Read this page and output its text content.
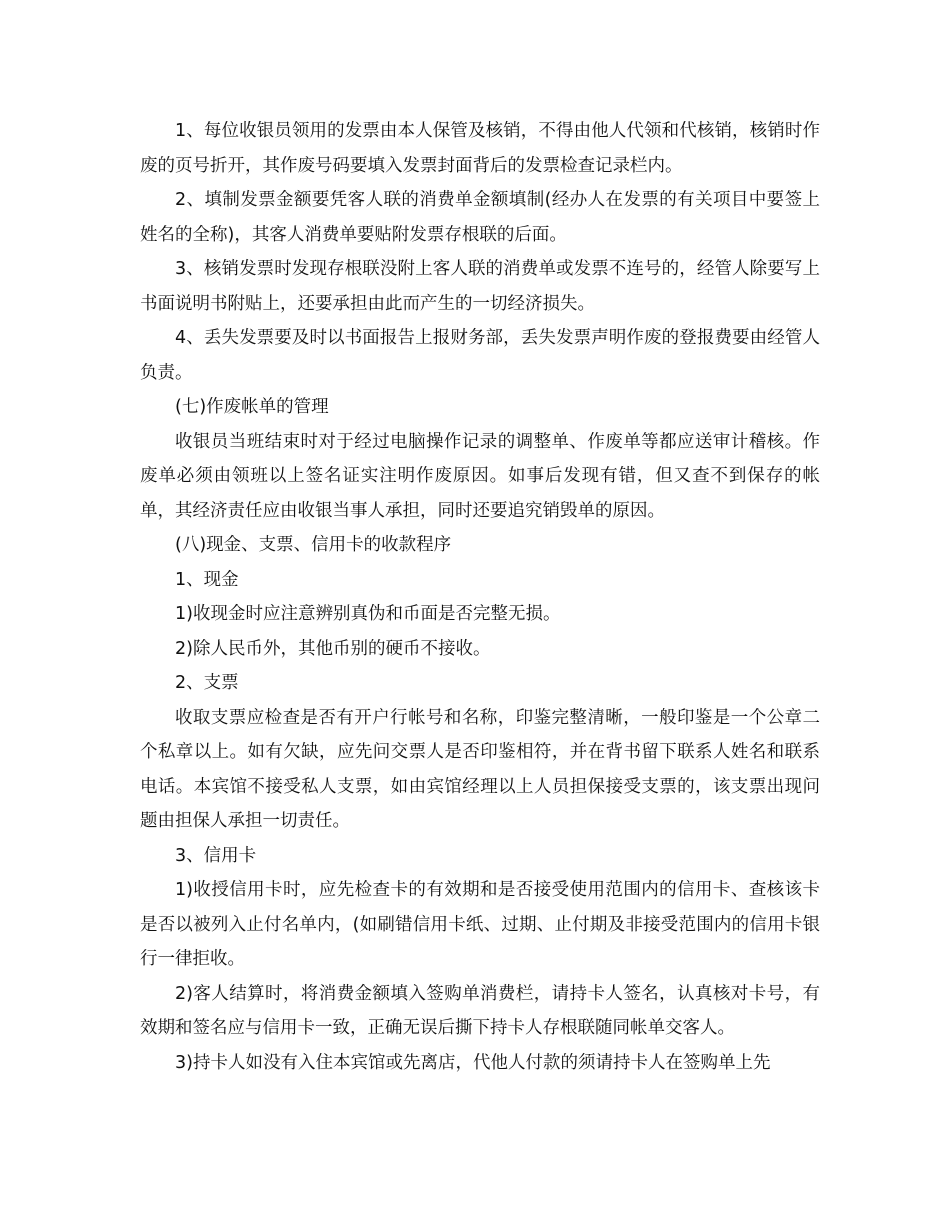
1、每位收银员领用的发票由本人保管及核销，不得由他人代领和代核销，核销时作废的页号折开，其作废号码要填入发票封面背后的发票检查记录栏内。

2、填制发票金额要凭客人联的消费单金额填制(经办人在发票的有关项目中要签上姓名的全称)，其客人消费单要贴附发票存根联的后面。

3、核销发票时发现存根联没附上客人联的消费单或发票不连号的，经管人除要写上书面说明书附贴上，还要承担由此而产生的一切经济损失。

4、丢失发票要及时以书面报告上报财务部，丢失发票声明作废的登报费要由经管人负责。

(七)作废帐单的管理

收银员当班结束时对于经过电脑操作记录的调整单、作废单等都应送审计稽核。作废单必须由领班以上签名证实注明作废原因。如事后发现有错，但又查不到保存的帐单，其经济责任应由收银当事人承担，同时还要追究销毁单的原因。

(八)现金、支票、信用卡的收款程序

1、现金

1)收现金时应注意辨别真伪和币面是否完整无损。

2)除人民币外，其他币别的硬币不接收。

2、支票

收取支票应检查是否有开户行帐号和名称，印鉴完整清晰，一般印鉴是一个公章二个私章以上。如有欠缺，应先问交票人是否印鉴相符，并在背书留下联系人姓名和联系电话。本宾馆不接受私人支票，如由宾馆经理以上人员担保接受支票的，该支票出现问题由担保人承担一切责任。

3、信用卡

1)收授信用卡时，应先检查卡的有效期和是否接受使用范围内的信用卡、查核该卡是否以被列入止付名单内，(如刷错信用卡纸、过期、止付期及非接受范围内的信用卡银行一律拒收。

2)客人结算时，将消费金额填入签购单消费栏，请持卡人签名，认真核对卡号，有效期和签名应与信用卡一致，正确无误后撕下持卡人存根联随同帐单交客人。

3)持卡人如没有入住本宾馆或先离店，代他人付款的须请持卡人在签购单上先
